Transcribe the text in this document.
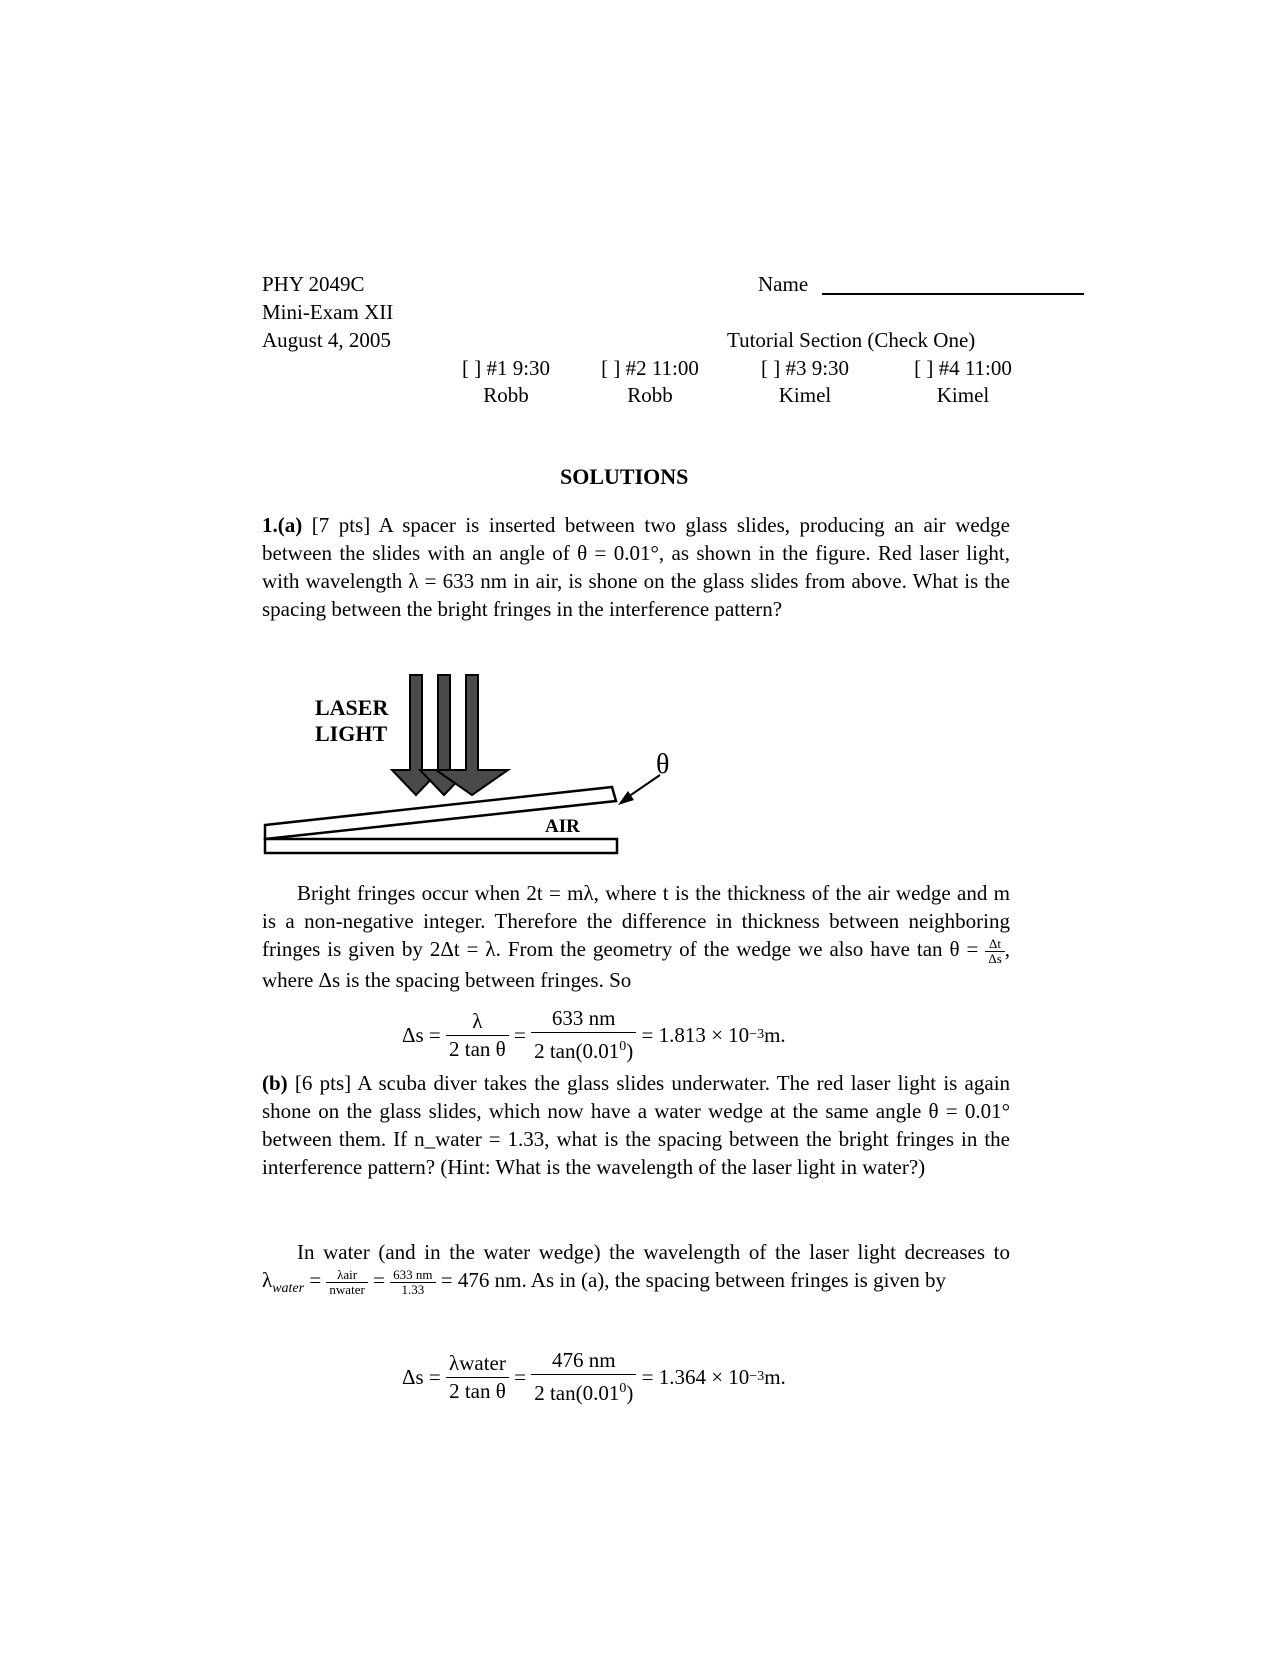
PHY 2049C
Mini-Exam XII
August 4, 2005
Name
Tutorial Section (Check One)
[ ] #1 9:30
Robb
[ ] #2 11:00
Robb
[ ] #3 9:30
Kimel
[ ] #4 11:00
Kimel
SOLUTIONS
1.(a) [7 pts] A spacer is inserted between two glass slides, producing an air wedge between the slides with an angle of θ = 0.01°, as shown in the figure. Red laser light, with wavelength λ = 633 nm in air, is shone on the glass slides from above. What is the spacing between the bright fringes in the interference pattern?
LASER
LIGHT
AIR
θ
Bright fringes occur when 2t = mλ, where t is the thickness of the air wedge and m is a non-negative integer. Therefore the difference in thickness between neighboring fringes is given by 2Δt = λ. From the geometry of the wedge we also have $\tan \theta = \frac{\Delta t}{\Delta s}$ , where Δs is the spacing between fringes. So
Δs =
$\frac{\lambda}{\text{2 tan θ}} = \frac{633 nm}{2 \tan(0.01^0)}$
= 1.813 × 10 −3 m.
(b) [6 pts] A scuba diver takes the glass slides underwater. The red laser light is again shone on the glass slides, which now have a water wedge at the same angle θ = 0.01° between them. If n_water = 1.33, what is the spacing between the bright fringes in the interference pattern? (Hint: What is the wavelength of the laser light in water?)
In water (and in the water wedge) the wavelength of the laser light decreases to $\lambda_{water} = \frac{\text{λair}}{\text{nwater}} = \frac{633 nm}{1.33} = 476$ nm. As in (a), the spacing between fringes is given by
Δs =
$\frac{\text{λwater}}{\text{2 tan θ}} = \frac{476 nm}{2 \tan(0.01^0)}$
= 1.364 × 10 −3 m.
